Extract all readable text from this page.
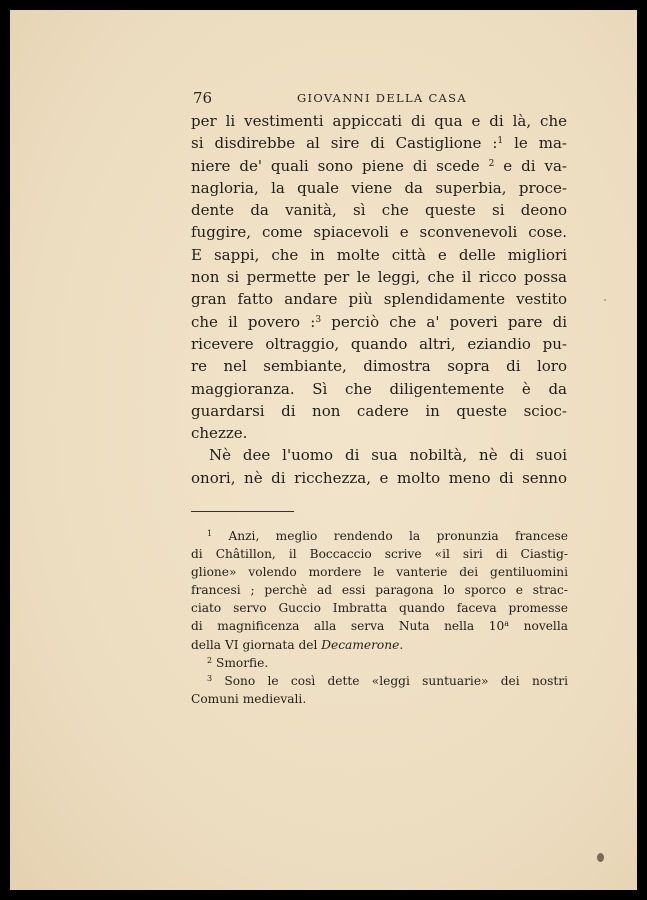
76	GIOVANNI DELLA CASA
per li vestimenti appiccati di qua e di là, che
si disdirebbe al sire di Castiglione :$^1$ le ma-
niere de' quali sono piene di scede $^2$ e di va-
nagloria, la quale viene da superbia, proce-
dente da vanità, sì che queste si deono
fuggire, come spiacevoli e sconvenevoli cose.
E sappi, che in molte città e delle migliori
non si permette per le leggi, che il ricco possa
gran fatto andare più splendidamente vestito
che il povero :$^3$ perciò che a' poveri pare di
ricevere oltraggio, quando altri, eziandio pu-
re nel sembiante, dimostra sopra di loro
maggioranza. Sì che diligentemente è da
guardarsi di non cadere in queste scioc-
chezze.
Nè dee l'uomo di sua nobiltà, nè di suoi
onori, nè di ricchezza, e molto meno di senno
$^1$ Anzi, meglio rendendo la pronunzia francese
di Châtillon, il Boccaccio scrive «il siri di Ciastig-
glione» volendo mordere le vanterie dei gentiluomini
francesi ; perchè ad essi paragona lo sporco e strac-
ciato servo Guccio Imbratta quando faceva promesse
di magnificenza alla serva Nuta nella 10$^a$ novella
della VI giornata del Decamerone.
$^2$ Smorfie.
$^3$ Sono le così dette «leggi suntuarie» dei nostri
Comuni medievali.
